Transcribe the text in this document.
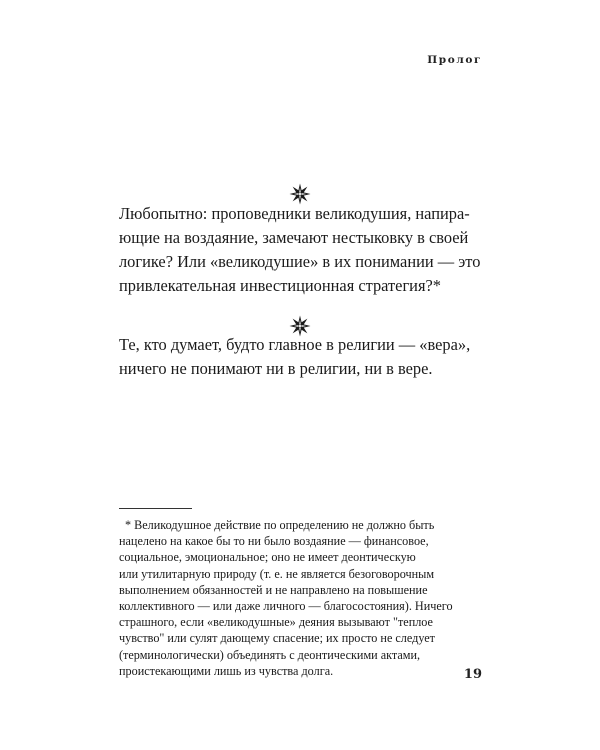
Пролог
Любопытно: проповедники великодушия, напира-
ющие на воздаяние, замечают нестыковку в своей
логике? Или «великодушие» в их понимании — это
привлекательная инвестиционная стратегия?*
Те, кто думает, будто главное в религии — «вера»,
ничего не понимают ни в религии, ни в вере.
* Великодушное действие по определению не должно быть
нацелено на какое бы то ни было воздаяние — финансовое,
социальное, эмоциональное; оно не имеет деонтическую
или утилитарную природу (т. е. не является безоговорочным
выполнением обязанностей и не направлено на повышение
коллективного — или даже личного — благосостояния). Ничего
страшного, если «великодушные» деяния вызывают "теплое
чувство" или сулят дающему спасение; их просто не следует
(терминологически) объединять с деонтическими актами,
проистекающими лишь из чувства долга.	19
